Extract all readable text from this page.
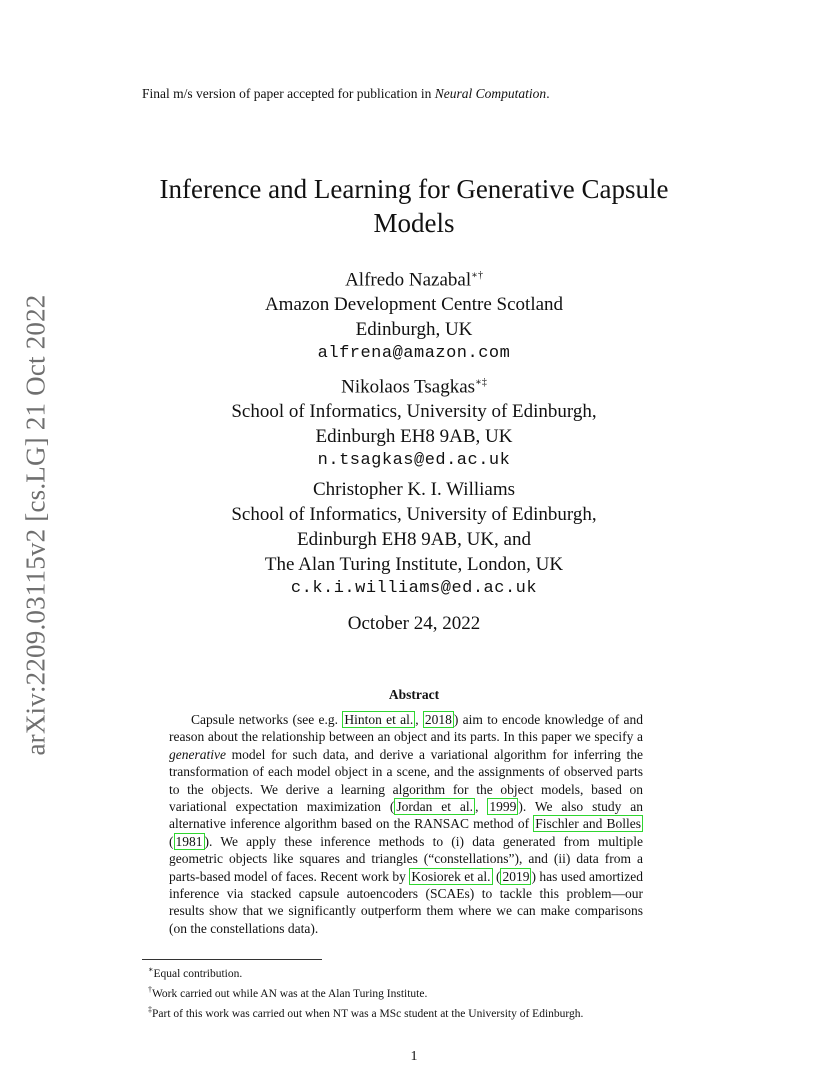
Final m/s version of paper accepted for publication in Neural Computation.
arXiv:2209.03115v2 [cs.LG] 21 Oct 2022
Inference and Learning for Generative Capsule
Models
Alfredo Nazabal∗†
Amazon Development Centre Scotland
Edinburgh, UK
alfrena@amazon.com
Nikolaos Tsagkas∗‡
School of Informatics, University of Edinburgh,
Edinburgh EH8 9AB, UK
n.tsagkas@ed.ac.uk
Christopher K. I. Williams
School of Informatics, University of Edinburgh,
Edinburgh EH8 9AB, UK, and
The Alan Turing Institute, London, UK
c.k.i.williams@ed.ac.uk
October 24, 2022
Abstract

Capsule networks (see e.g. Hinton et al. , 2018 ) aim to encode knowledge of and reason about the relationship between an object and its parts. In this paper we specify a generative model for such data, and derive a variational algorithm for inferring the transformation of each model object in a scene, and the assignments of observed parts to the objects. We derive a learning algorithm for the object models, based on variational expectation maximization ( Jordan et al. , 1999 ). We also study an alternative inference algorithm based on the RANSAC method of Fischler and Bolles ( 1981 ). We apply these inference methods to (i) data generated from multiple geometric objects like squares and triangles (“constellations”), and (ii) data from a parts-based model of faces. Recent work by Kosiorek et al. ( 2019 ) has used amortized inference via stacked capsule autoencoders (SCAEs) to tackle this problem—our results show that we significantly outperform them where we can make comparisons (on the constellations data).

∗Equal contribution.
†Work carried out while AN was at the Alan Turing Institute.
‡Part of this work was carried out when NT was a MSc student at the University of Edinburgh.
1
